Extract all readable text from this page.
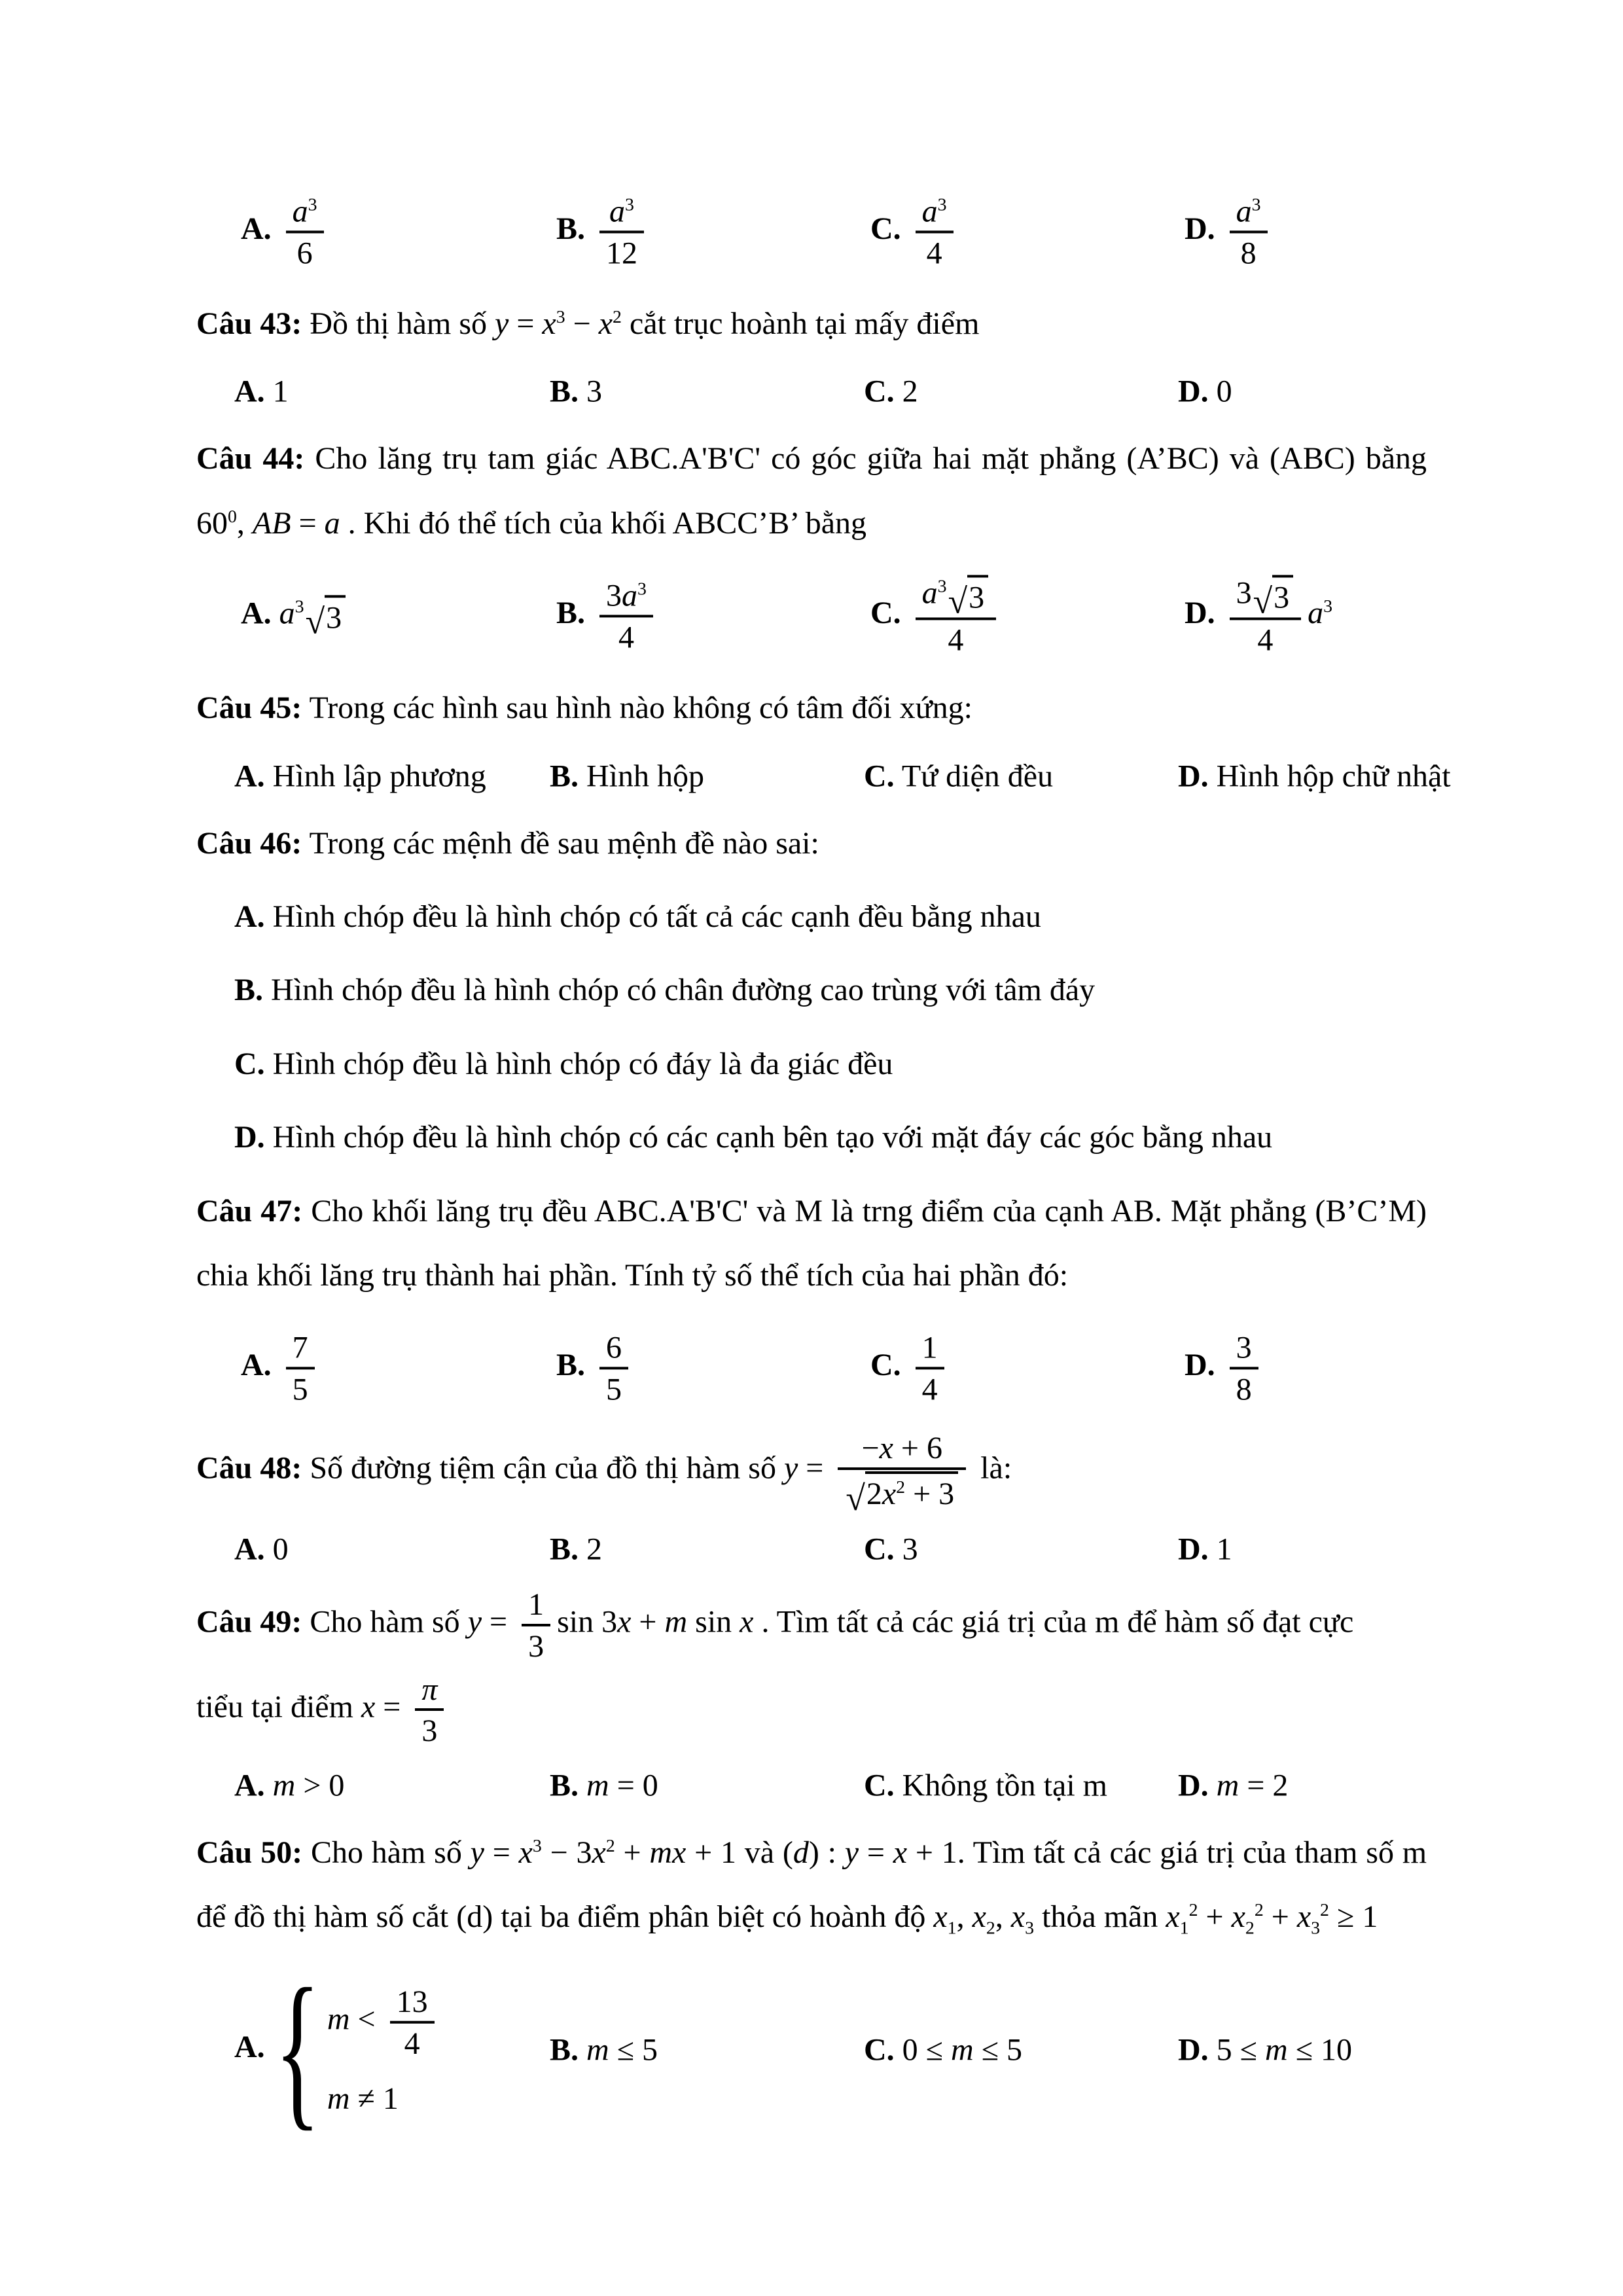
A. $\frac{a^3}{6}$	B. $\frac{a^3}{12}$	C. $\frac{a^3}{4}$	D. $\frac{a^3}{8}$
Câu 43: Đồ thị hàm số $y = x^3 - x^2$ cắt trục hoành tại mấy điểm
A. 1	B. 3	C. 2	D. 0
Câu 44: Cho lăng trụ tam giác ABC.A'B'C' có góc giữa hai mặt phẳng (A’BC) và (ABC) bằng $60^0$, AB = a . Khi đó thể tích của khối ABCC’B’ bằng
A. $a^3$ √ 3	B. $\frac{3a^3}{4}$	C. $\frac{a^3 √ 3}{4}$	D. $\frac{3 √ 3}{4} a^3$
Câu 45: Trong các hình sau hình nào không có tâm đối xứng:
A. Hình lập phương B. Hình hộp	C. Tứ diện đều	D. Hình hộp chữ nhật
Câu 46: Trong các mệnh đề sau mệnh đề nào sai:
A. Hình chóp đều là hình chóp có tất cả các cạnh đều bằng nhau
B. Hình chóp đều là hình chóp có chân đường cao trùng với tâm đáy
C. Hình chóp đều là hình chóp có đáy là đa giác đều
D. Hình chóp đều là hình chóp có các cạnh bên tạo với mặt đáy các góc bằng nhau
Câu 47: Cho khối lăng trụ đều ABC.A'B'C' và M là trng điểm của cạnh AB. Mặt phẳng (B’C’M) chia khối lăng trụ thành hai phần. Tính tỷ số thể tích của hai phần đó:
A. $\frac{7}{5}$	B. $\frac{6}{5}$	C. $\frac{1}{4}$	D. $\frac{3}{8}$
Câu 48: Số đường tiệm cận của đồ thị hàm số $y = \frac{-x + 6}{√ 2x^2 + 3}$ là:
A. 0	B. 2	C. 3	D. 1
Câu 49: Cho hàm số $y = \frac{1}{3}$ sin 3x + m sin x . Tìm tất cả các giá trị của m để hàm số đạt cực
tiểu tại điểm $x = \frac{\pi}{3}$
A. m > 0	B. m = 0	C. Không tồn tại m D. m = 2
Câu 50: Cho hàm số $y = x^3 - 3x^2$ + mx + 1 và (d) : y = x + 1. Tìm tất cả các giá trị của tham số m để đồ thị hàm số cắt (d) tại ba điểm phân biệt có hoành độ $x_1$, $x_2$, $x_3$ thỏa mãn $x_1^2 + x_2^2 + x_3^2 \ge 1$
A. { $m < \frac{13}{4}$
m ≠ 1
B. m ≤ 5	C. 0 ≤ m ≤ 5	D. 5 ≤ m ≤ 10
